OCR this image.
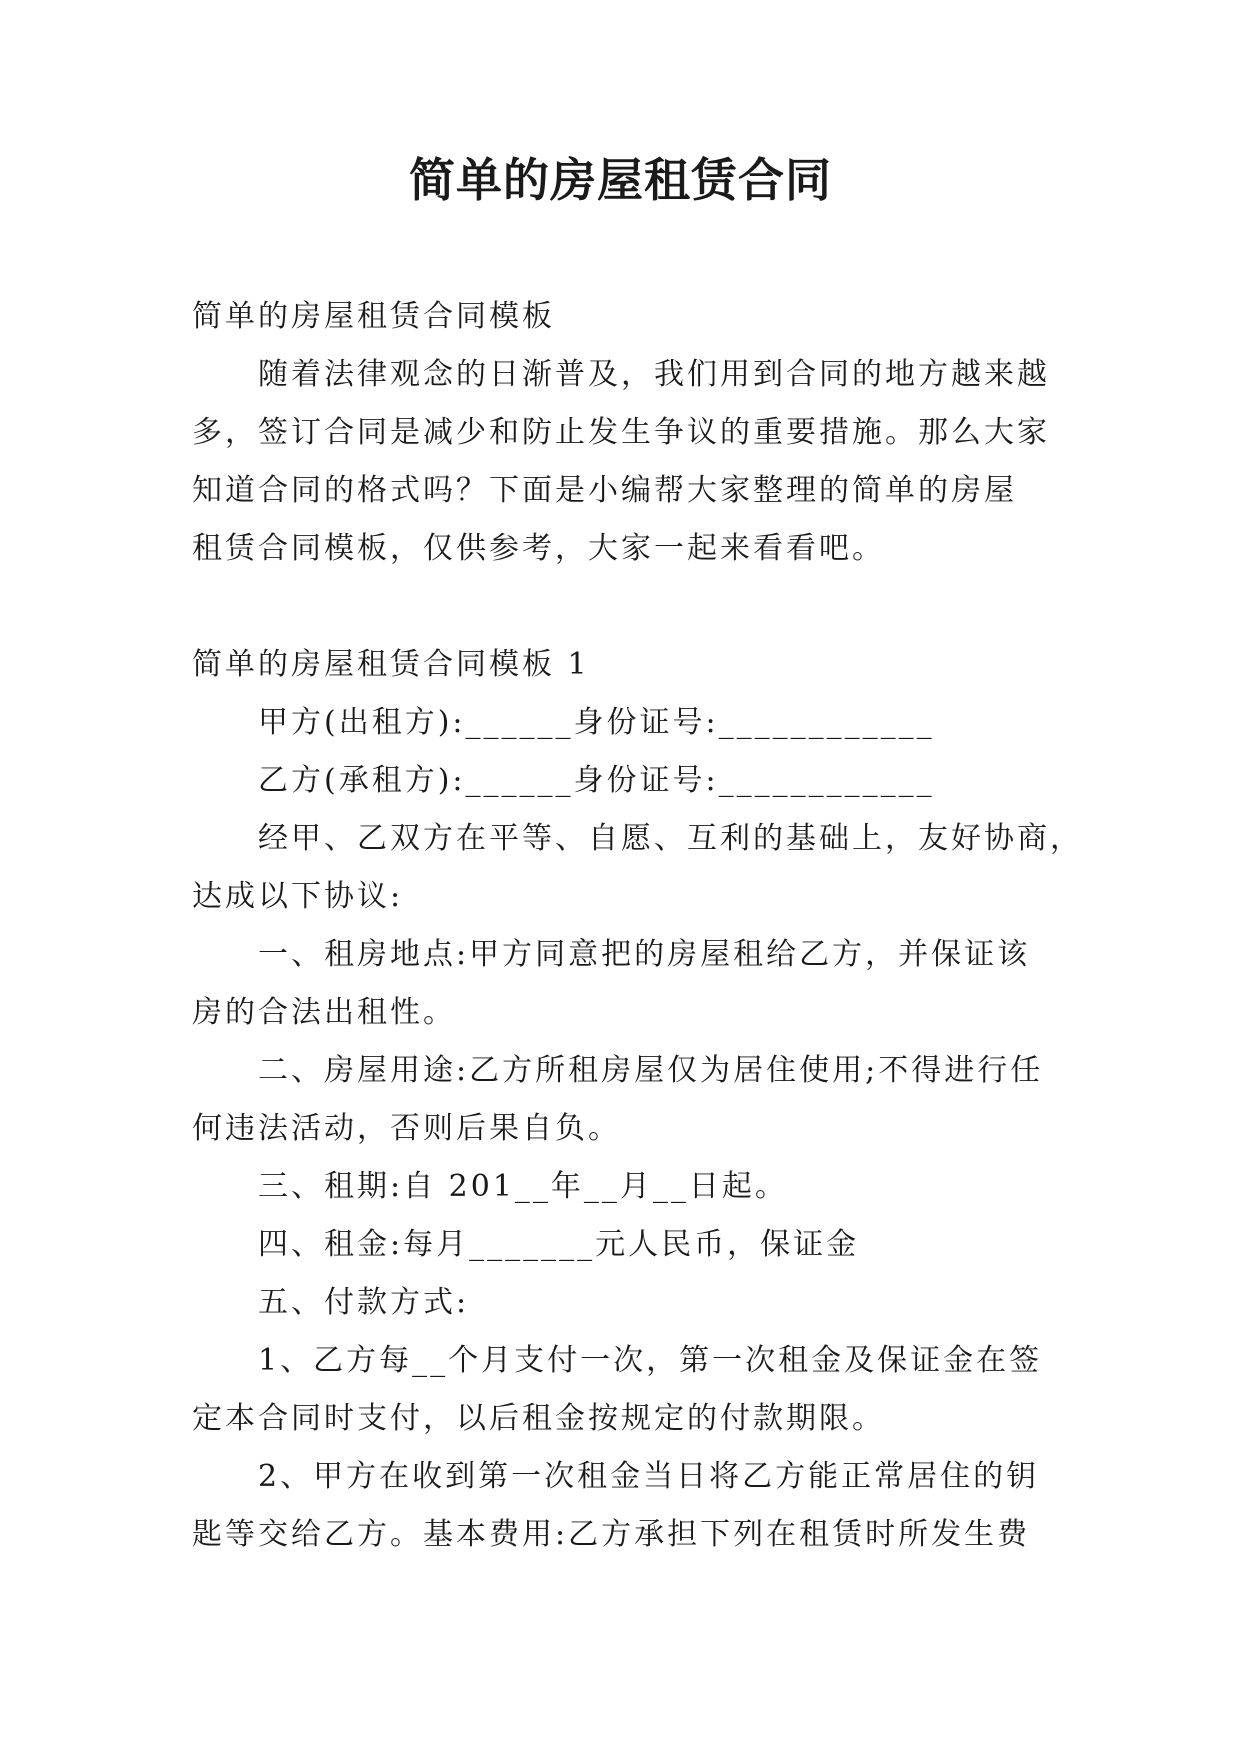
简单的房屋租赁合同
简单的房屋租赁合同模板
随着法律观念的日渐普及，我们用到合同的地方越来越
多，签订合同是减少和防止发生争议的重要措施。那么大家
知道合同的格式吗？下面是小编帮大家整理的简单的房屋
租赁合同模板，仅供参考，大家一起来看看吧。
简单的房屋租赁合同模板 1
甲方(出租方):______身份证号:____________
乙方(承租方):______身份证号:____________
经甲、乙双方在平等、自愿、互利的基础上，友好协商，
达成以下协议:
一、租房地点:甲方同意把的房屋租给乙方，并保证该
房的合法出租性。
二、房屋用途:乙方所租房屋仅为居住使用;不得进行任
何违法活动，否则后果自负。
三、租期:自 201__年__月__日起。
四、租金:每月_______元人民币，保证金
五、付款方式:
1、乙方每__个月支付一次，第一次租金及保证金在签
定本合同时支付，以后租金按规定的付款期限。
2、甲方在收到第一次租金当日将乙方能正常居住的钥
匙等交给乙方。基本费用:乙方承担下列在租赁时所发生费
